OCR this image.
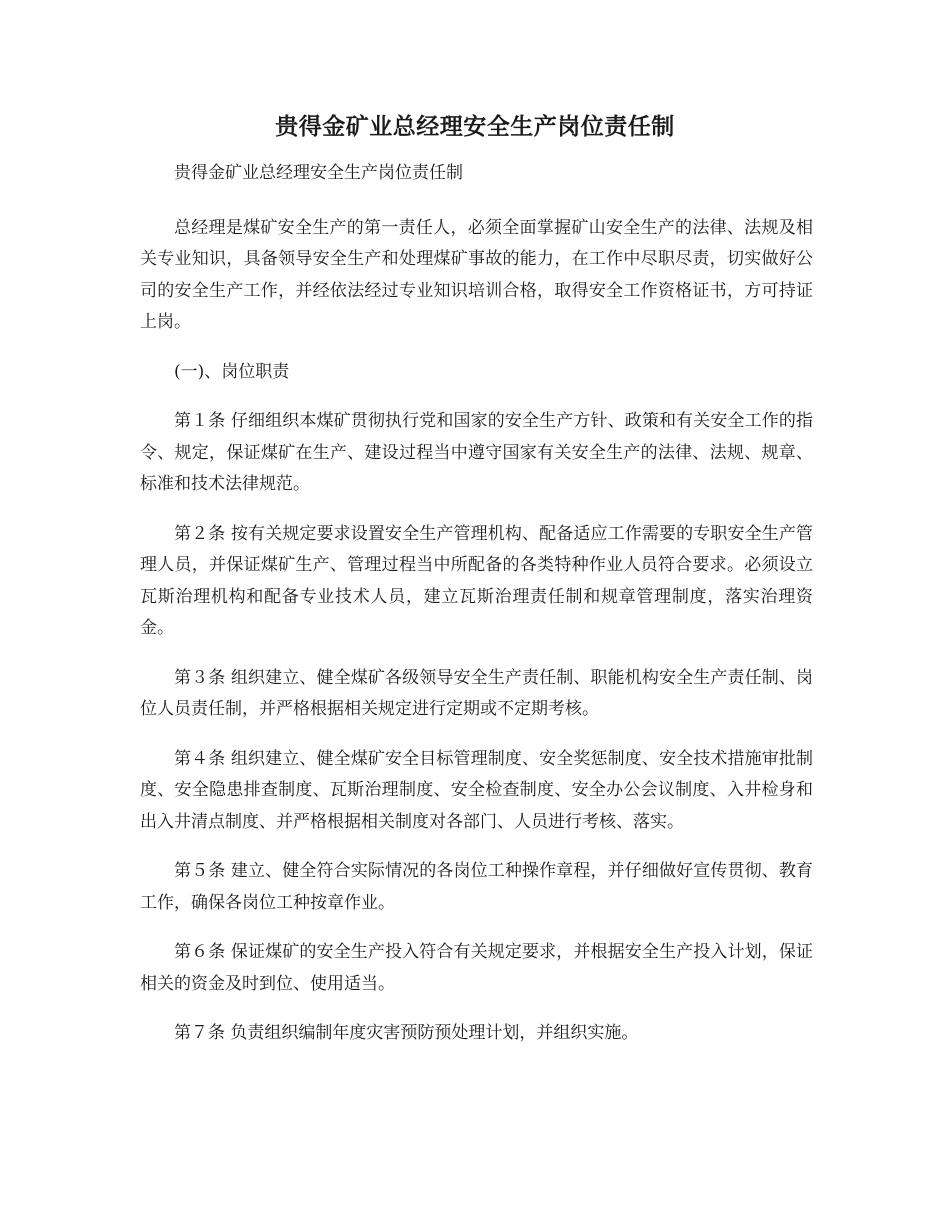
贵得金矿业总经理安全生产岗位责任制

贵得金矿业总经理安全生产岗位责任制

总经理是煤矿安全生产的第一责任人，必须全面掌握矿山安全生产的法律、法规及相关专业知识，具备领导安全生产和处理煤矿事故的能力，在工作中尽职尽责，切实做好公司的安全生产工作，并经依法经过专业知识培训合格，取得安全工作资格证书，方可持证上岗。

(一)、岗位职责

第１条 仔细组织本煤矿贯彻执行党和国家的安全生产方针、政策和有关安全工作的指令、规定，保证煤矿在生产、建设过程当中遵守国家有关安全生产的法律、法规、规章、标准和技术法律规范。

第２条 按有关规定要求设置安全生产管理机构、配备适应工作需要的专职安全生产管理人员，并保证煤矿生产、管理过程当中所配备的各类特种作业人员符合要求。必须设立瓦斯治理机构和配备专业技术人员，建立瓦斯治理责任制和规章管理制度，落实治理资金。

第３条 组织建立、健全煤矿各级领导安全生产责任制、职能机构安全生产责任制、岗位人员责任制，并严格根据相关规定进行定期或不定期考核。

第４条 组织建立、健全煤矿安全目标管理制度、安全奖惩制度、安全技术措施审批制度、安全隐患排查制度、瓦斯治理制度、安全检查制度、安全办公会议制度、入井检身和出入井清点制度、并严格根据相关制度对各部门、人员进行考核、落实。

第５条 建立、健全符合实际情况的各岗位工种操作章程，并仔细做好宣传贯彻、教育工作，确保各岗位工种按章作业。

第６条 保证煤矿的安全生产投入符合有关规定要求，并根据安全生产投入计划，保证相关的资金及时到位、使用适当。

第７条 负责组织编制年度灾害预防预处理计划，并组织实施。
